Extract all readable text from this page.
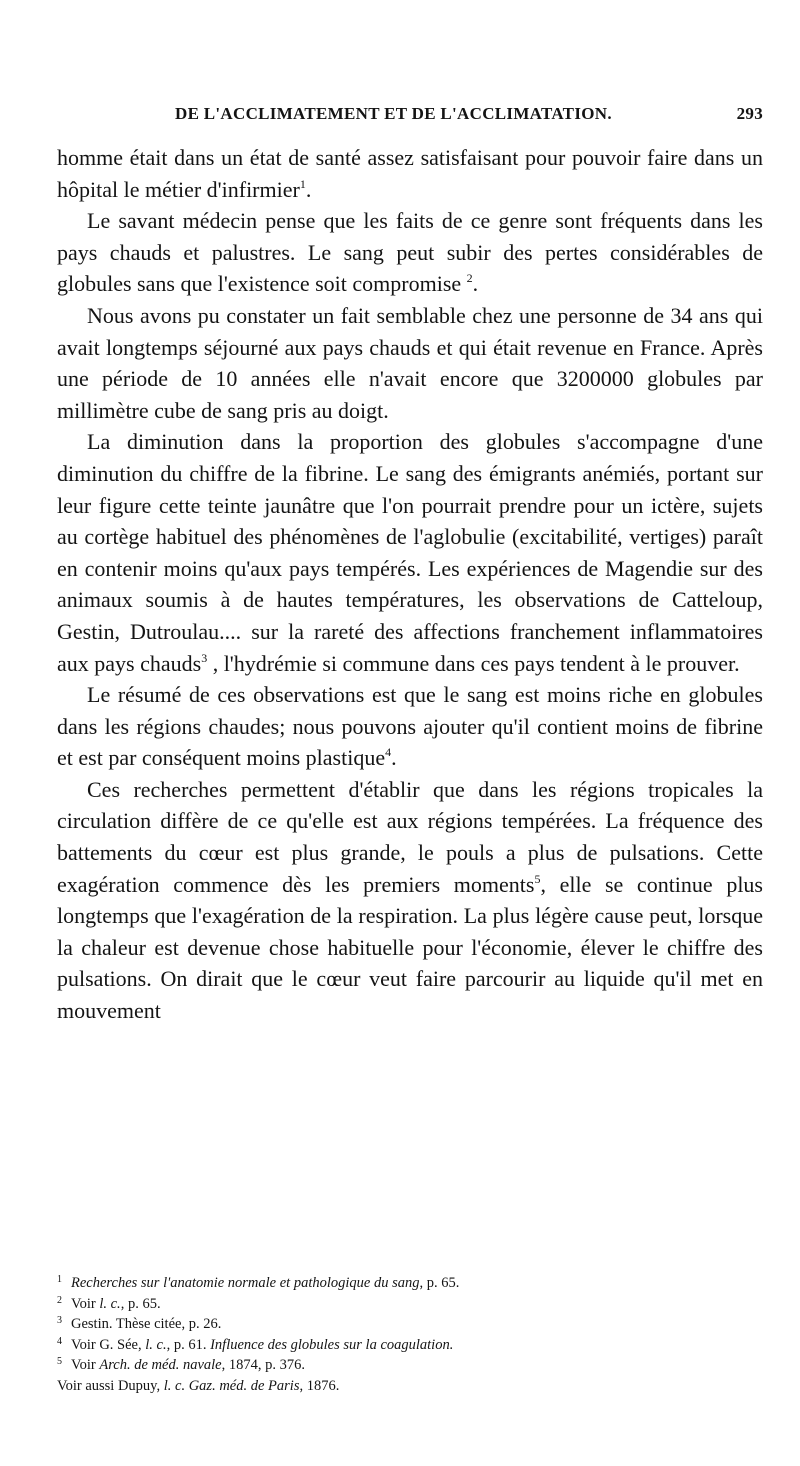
DE L'ACCLIMATEMENT ET DE L'ACCLIMATATION.	293

homme était dans un état de santé assez satisfaisant pour pouvoir faire dans un hôpital le métier d'infirmier$^1$.

Le savant médecin pense que les faits de ce genre sont fréquents dans les pays chauds et palustres. Le sang peut subir des pertes considérables de globules sans que l'existence soit compromise $^2$.

Nous avons pu constater un fait semblable chez une personne de 34 ans qui avait longtemps séjourné aux pays chauds et qui était revenue en France. Après une période de 10 années elle n'avait encore que 3200000 globules par millimètre cube de sang pris au doigt.

La diminution dans la proportion des globules s'accompagne d'une diminution du chiffre de la fibrine. Le sang des émigrants anémiés, portant sur leur figure cette teinte jaunâtre que l'on pourrait prendre pour un ictère, sujets au cortège habituel des phénomènes de l'aglobulie (excitabilité, vertiges) paraît en contenir moins qu'aux pays tempérés. Les expériences de Magendie sur des animaux soumis à de hautes températures, les observations de Catteloup, Gestin, Dutroulau.... sur la rareté des affections franchement inflammatoires aux pays chauds$^3$ , l'hydrémie si commune dans ces pays tendent à le prouver.

Le résumé de ces observations est que le sang est moins riche en globules dans les régions chaudes; nous pouvons ajouter qu'il contient moins de fibrine et est par conséquent moins plastique$^4$.

Ces recherches permettent d'établir que dans les régions tropicales la circulation diffère de ce qu'elle est aux régions tempérées. La fréquence des battements du cœur est plus grande, le pouls a plus de pulsations. Cette exagération commence dès les premiers moments$^5$, elle se continue plus longtemps que l'exagération de la respiration. La plus légère cause peut, lorsque la chaleur est devenue chose habituelle pour l'économie, élever le chiffre des pulsations. On dirait que le cœur veut faire parcourir au liquide qu'il met en mouvement

$^1$ Recherches sur l'anatomie normale et pathologique du sang, p. 65.
$^2$ Voir l. c., p. 65.
$^3$ Gestin. Thèse citée, p. 26.
$^4$ Voir G. Sée, l. c., p. 61. Influence des globules sur la coagulation.
$^5$ Voir Arch. de méd. navale, 1874, p. 376.
Voir aussi Dupuy, l. c. Gaz. méd. de Paris, 1876.
